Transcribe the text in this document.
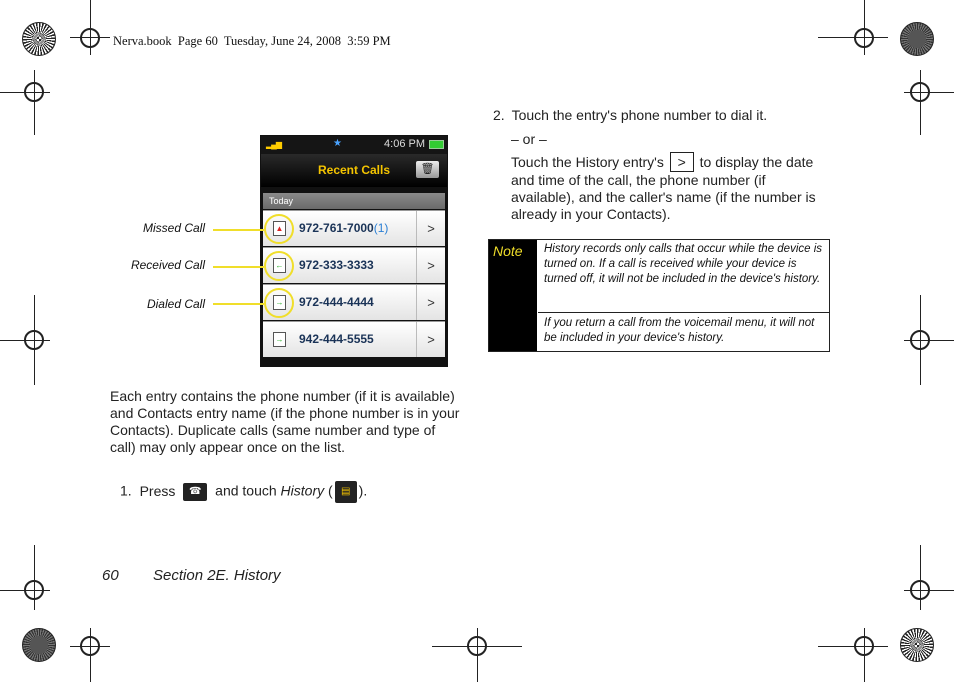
Nerva.book  Page 60  Tuesday, June 24, 2008  3:59 PM
▂▄▆	★	4:06 PM
Recent Calls	🗑
Today
▲ 972-761-7000(1)	>
← 972-333-3333	>
→ 972-444-4444	>
→ 942-444-5555	>
Missed Call
Received Call
Dialed Call
Each entry contains the phone number (if it is available) and Contacts entry name (if the phone number is in your Contacts). Duplicate calls (same number and type of call) may only appear once on the list.
1. Press ☎ and touch History ( ▤ ).
2. Touch the entry's phone number to dial it.
– or –
Touch the History entry's > to display the date and time of the call, the phone number (if available), and the caller's name (if the number is already in your Contacts).
Note	History records only calls that occur while the device is turned on. If a call is received while your device is turned off, it will not be included in the device's history.
If you return a call from the voicemail menu, it will not be included in your device's history.
60 Section 2E. History
